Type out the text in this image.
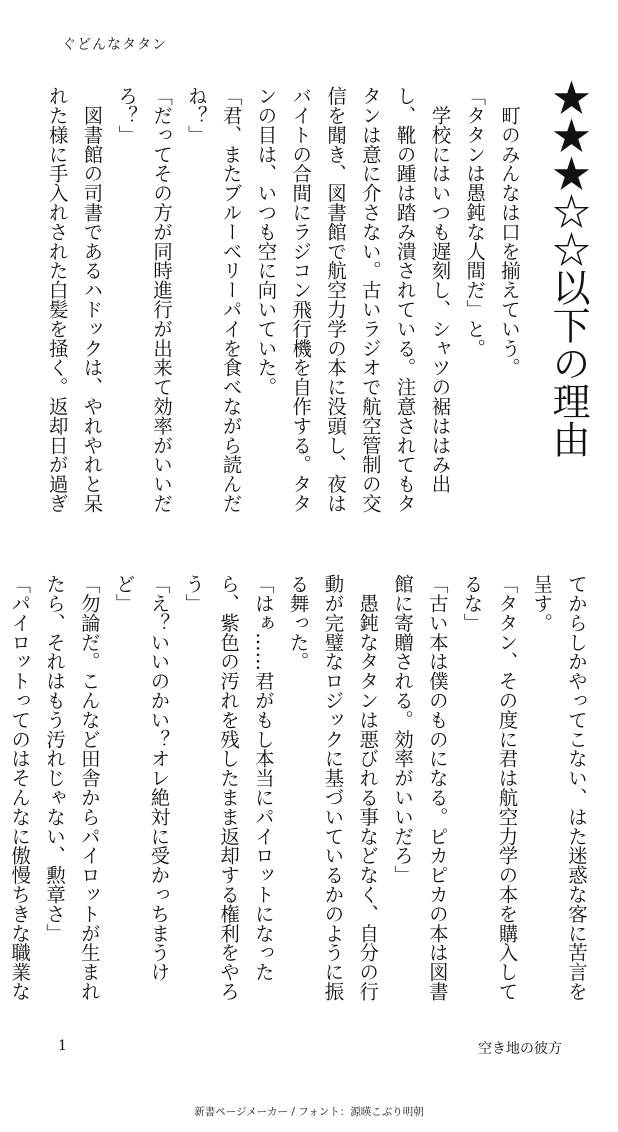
ぐどんなタタン
★★★☆☆以下の理由

　町のみんなは口を揃えていう。

「タタンは愚鈍な人間だ」と。

　学校にはいつも遅刻し、シャツの裾ははみ出し、靴の踵は踏み潰されている。注意されてもタタンは意に介さない。古いラジオで航空管制の交信を聞き、図書館で航空力学の本に没頭し、夜はバイトの合間にラジコン飛行機を自作する。タタンの目は、いつも空に向いていた。

「君、またブルーベリーパイを食べながら読んだね？」

「だってその方が同時進行が出来て効率がいいだろ？」

　図書館の司書であるハドックは、やれやれと呆れた様に手入れされた白髪を掻く。返却日が過ぎ

てからしかやってこない、はた迷惑な客に苦言を呈す。

「タタン、その度に君は航空力学の本を購入してるな」

「古い本は僕のものになる。ピカピカの本は図書館に寄贈される。効率がいいだろ」

　愚鈍なタタンは悪びれる事などなく、自分の行動が完璧なロジックに基づいているかのように振る舞った。

「はぁ……君がもし本当にパイロットになったら、紫色の汚れを残したまま返却する権利をやろう」

「え？いいのかい？オレ絶対に受かっちまうけど」

「勿論だ。こんなど田舎からパイロットが生まれたら、それはもう汚れじゃない、勲章さ」

「パイロットってのはそんなに傲慢ちきな職業な

1	空き地の彼方
新書ページメーカー / フォント：源暎こぶり明朝
